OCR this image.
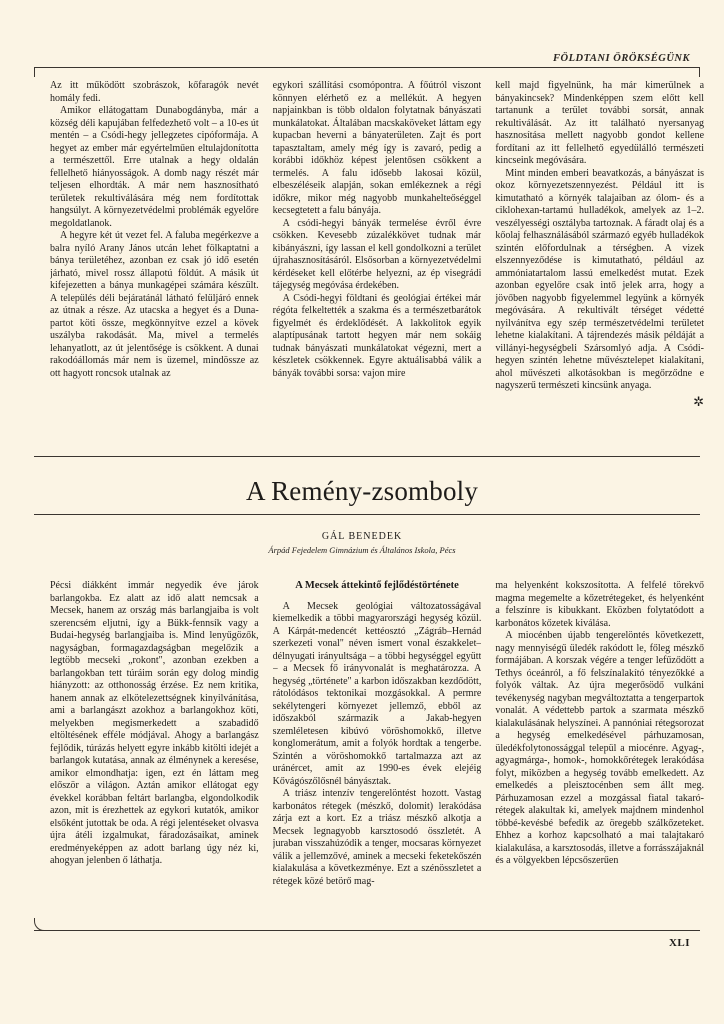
FÖLDTANI ÖRÖKSÉGÜNK

Az itt működött szobrászok, kőfaragók nevét homály fedi.

Amikor ellátogattam Dunabogdányba, már a község déli kapujában felfedezhető volt – a 10-es út mentén – a Csódi-hegy jellegzetes cipóformája. A hegyet az ember már egyértelműen eltulajdonította a természettől. Erre utalnak a hegy oldalán fellelhető hiányosságok. A domb nagy részét már teljesen elhordták. A már nem hasznosítható területek rekultiválására még nem fordítottak hangsúlyt. A környezetvédelmi problémák egyelőre megoldatlanok.

A hegyre két út vezet fel. A faluba megérkezve a balra nyíló Arany János utcán lehet fölkaptatni a bánya területéhez, azonban ez csak jó idő esetén járható, mivel rossz állapotú földút. A másik út kifejezetten a bánya munkagépei számára készült. A település déli bejáratánál látható felüljáró ennek az útnak a része. Az utacska a hegyet és a Duna-partot köti össze, megkönnyítve ezzel a kövek uszályba rakodását. Ma, mivel a termelés lehanyatlott, az út jelentősége is csökkent. A dunai rakodóállomás már nem is üzemel, mindössze az ott hagyott roncsok utalnak az

egykori szállítási csomópontra. A főútról viszont könnyen elérhető ez a mellékút. A hegyen napjainkban is több oldalon folytatnak bányászati munkálatokat. Általában macskaköveket láttam egy kupacban heverni a bányaterületen. Zajt és port tapasztaltam, amely még így is zavaró, pedig a korábbi időkhöz képest jelentősen csökkent a termelés. A falu idősebb lakosai közül, elbeszéléseik alapján, sokan emlékeznek a régi időkre, mikor még nagyobb munkahelteőséggel kecsegtetett a falu bányája.

A csódi-hegyi bányák termelése évről évre csökken. Kevesebb zúzalékkövet tudnak már kibányászni, így lassan el kell gondolkozni a terület újrahasznosításáról. Elsősorban a környezetvédelmi kérdéseket kell előtérbe helyezni, az ép visegrádi tájegység megóvása érdekében.

A Csódi-hegyi földtani és geológiai értékei már régóta felkeltették a szakma és a természetbarátok figyelmét és érdeklődését. A lakkolitok egyik alaptípusának tartott hegyen már nem sokáig tudnak bányászati munkálatokat végezni, mert a készletek csökkennek. Egyre aktuálisabbá válik a bányák további sorsa: vajon mire

kell majd figyelnünk, ha már kimerülnek a bányakincsek? Mindenképpen szem előtt kell tartanunk a terület további sorsát, annak rekultiválását. Az itt található nyersanyag hasznosítása mellett nagyobb gondot kellene fordítani az itt fellelhető egyedülálló természeti kincseink megóvására.

Mint minden emberi beavatkozás, a bányászat is okoz környezetszennyezést. Például itt is kimutatható a környék talajaiban az ólom- és a ciklohexan-tartamú hulladékok, amelyek az 1–2. veszélyességi osztályba tartoznak. A fáradt olaj és a kőolaj felhasználásából származó egyéb hulladékok szintén előfordulnak a térségben. A vizek elszennyeződése is kimutatható, például az ammóniatartalom lassú emelkedést mutat. Ezek azonban egyelőre csak intő jelek arra, hogy a jövőben nagyobb figyelemmel legyünk a környék megóvására. A rekultivált térséget védetté nyilvánítva egy szép természetvédelmi területet lehetne kialakítani. A tájrendezés másik példáját a villányi-hegységbeli Szársomlyó adja. A Csódi-hegyen szintén lehetne művésztelepet kialakítani, ahol művészeti alkotásokban is megőrződne e nagyszerű természeti kincsünk anyaga.

✲
A Remény-zsomboly
GÁL BENEDEK
Árpád Fejedelem Gimnázium és Általános Iskola, Pécs

Pécsi diákként immár negyedik éve járok barlangokba. Ez alatt az idő alatt nemcsak a Mecsek, hanem az ország más barlangjaiba is volt szerencsém eljutni, így a Bükk-fennsík vagy a Budai-hegység barlangjaiba is. Mind lenyűgözők, nagyságban, formagazdagságban megelőzik a legtöbb mecseki „rokont", azonban ezekben a barlangokban tett túráim során egy dolog mindig hiányzott: az otthonosság érzése. Ez nem kritika, hanem annak az elkötelezettségnek kinyilvánítása, ami a barlangászt azokhoz a barlangokhoz köti, melyekben megismerkedett a szabadidő eltöltésének efféle módjával. Ahogy a barlangász fejlődik, túrázás helyett egyre inkább kitölti idejét a barlangok kutatása, annak az élménynek a keresése, amikor elmondhatja: igen, ezt én láttam meg először a világon. Aztán amikor ellátogat egy évekkel korábban feltárt barlangba, elgondolkodik azon, mit is érezhettek az egykori kutatók, amikor elsőként jutottak be oda. A régi jelentéseket olvasva újra átéli izgalmukat, fáradozásaikat, aminek eredményeképpen az adott barlang úgy néz ki, ahogyan jelenben ő láthatja.

A Mecsek áttekintő fejlődéstörténete

A Mecsek geológiai változatosságával kiemelkedik a többi magyarországi hegység közül. A Kárpát-medencét kettéosztó „Zágráb–Hernád szerkezeti vonal" néven ismert vonal északkelet–délnyugati irányultsága – a többi hegységgel együtt – a Mecsek fő irányvonalát is meghatározza. A hegység „története" a karbon időszakban kezdődött, rátolódásos tektonikai mozgásokkal. A permre sekélytengeri környezet jellemző, ebből az időszakból származik a Jakab-hegyen szemléletesen kibúvó vöröshomokkő, illetve konglomerátum, amit a folyók hordtak a tengerbe. Szintén a vöröshomokkő tartalmazza azt az uránércet, amit az 1990-es évek elejéig Kővágószőlősnél bányásztak.

A triász intenzív tengerelöntést hozott. Vastag karbonátos rétegek (mészkő, dolomit) lerakódása zárja ezt a kort. Ez a triász mészkő alkotja a Mecsek legnagyobb karsztosodó összletét. A juraban visszahúzódik a tenger, mocsaras környezet válik a jellemzővé, aminek a mecseki feketekőszén kialakulása a következménye. Ezt a szénösszletet a rétegek közé betörő mag-

ma helyenként kokszosította. A felfelé törekvő magma megemelte a kőzetrétegeket, és helyenként a felszínre is kibukkant. Eközben folytatódott a karbonátos kőzetek kiválása.

A miocénben újabb tengerelöntés következett, nagy mennyiségű üledék rakódott le, főleg mészkő formájában. A korszak végére a tenger lefűződött a Tethys óceánról, a fő felszínalakító tényezőkké a folyók váltak. Az újra megerősödő vulkáni tevékenység nagyban megváltoztatta a tengerpartok vonalát. A védettebb partok a szarmata mészkő kialakulásának helyszínei. A pannóniai rétegsorozat a hegység emelkedésével párhuzamosan, üledékfolytonossággal települ a miocénre. Agyag-, agyagmárga-, homok-, homokkőrétegek lerakódása folyt, miközben a hegység tovább emelkedett. Az emelkedés a pleisztocénben sem állt meg. Párhuzamosan ezzel a mozgással fiatal takarórétegek alakultak ki, amelyek majdnem mindenhol többé-kevésbé befedik az öregebb szálkőzeteket. Ehhez a korhoz kapcsolható a mai talajtakaró kialakulása, a karsztosodás, illetve a forrásszájaknál és a völgyekben lépcsőszerűen

XLI
